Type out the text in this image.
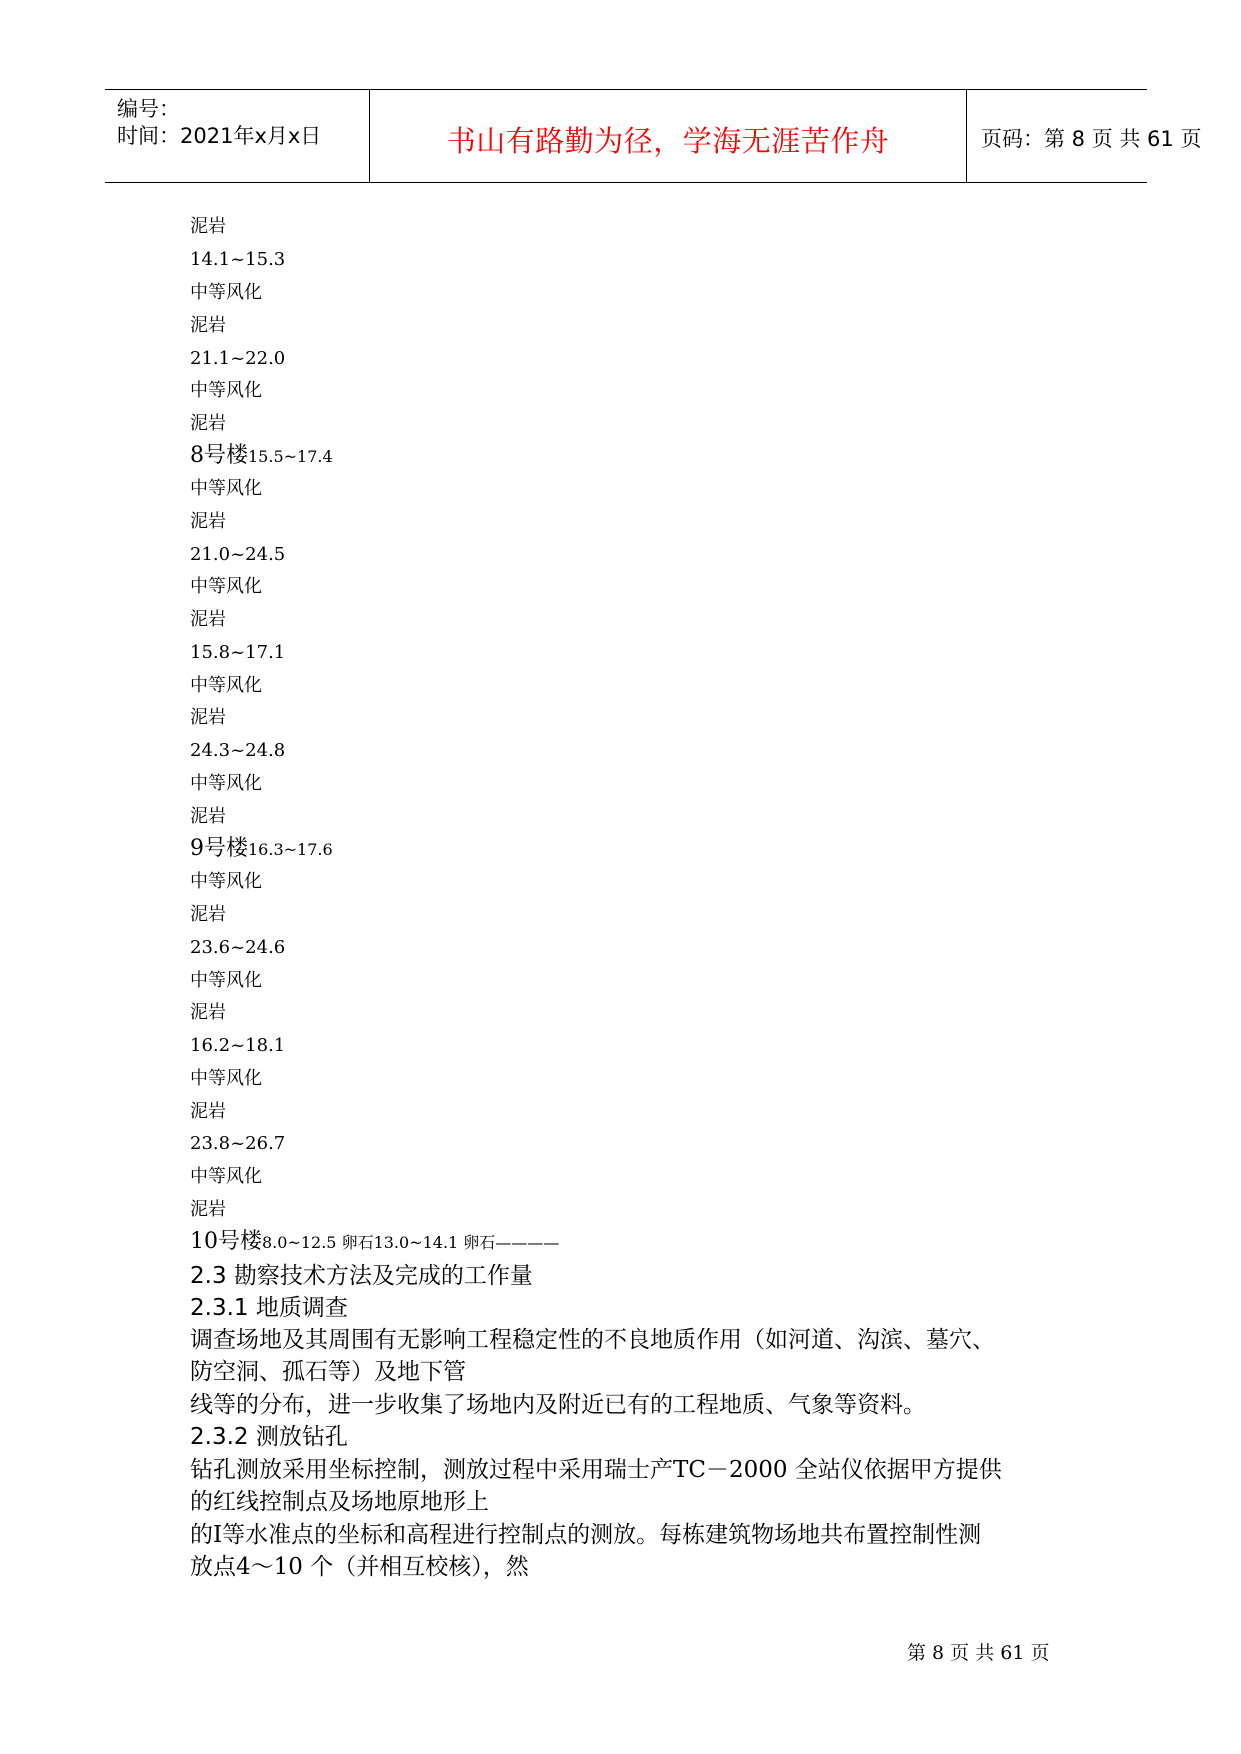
编号：
时间：2021年x月x日	书山有路勤为径，学海无涯苦作舟	页码：第 8 页 共 61 页
泥岩
14.1~15.3
中等风化
泥岩
21.1~22.0
中等风化
泥岩
8号楼15.5~17.4
中等风化
泥岩
21.0~24.5
中等风化
泥岩
15.8~17.1
中等风化
泥岩
24.3~24.8
中等风化
泥岩
9号楼16.3~17.6
中等风化
泥岩
23.6~24.6
中等风化
泥岩
16.2~18.1
中等风化
泥岩
23.8~26.7
中等风化
泥岩
10号楼8.0~12.5 卵石13.0~14.1 卵石————
2.3 勘察技术方法及完成的工作量
2.3.1 地质调查
调查场地及其周围有无影响工程稳定性的不良地质作用（如河道、沟滨、墓穴、
防空洞、孤石等）及地下管
线等的分布，进一步收集了场地内及附近已有的工程地质、气象等资料。
2.3.2 测放钻孔
钻孔测放采用坐标控制，测放过程中采用瑞士产TC－2000 全站仪依据甲方提供
的红线控制点及场地原地形上
的I等水准点的坐标和高程进行控制点的测放。每栋建筑物场地共布置控制性测
放点4～10 个（并相互校核），然
第 8 页 共 61 页
